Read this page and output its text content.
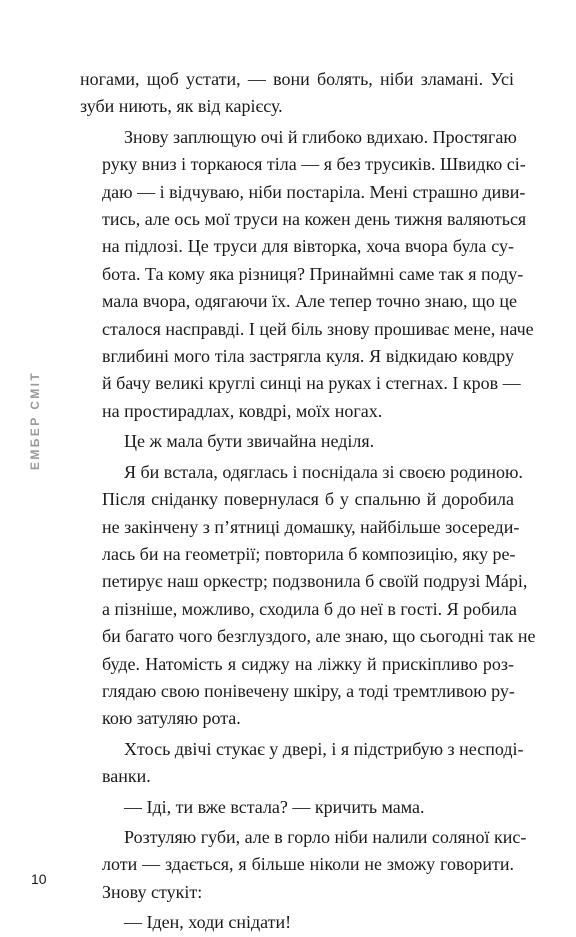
ЕМБЕР СМІТ

ногами, щоб устати, — вони болять, ніби зламані. Усі
зуби ниють, як від карієсу.

Знову заплющую очі й глибоко вдихаю. Простягаю
руку вниз і торкаюся тіла — я без трусиків. Швидко сі-
даю — і відчуваю, ніби постаріла. Мені страшно диви-
тись, але ось мої труси на кожен день тижня валяються
на підлозі. Це труси для вівторка, хоча вчора була су-
бота. Та кому яка різниця? Принаймні саме так я поду-
мала вчора, одягаючи їх. Але тепер точно знаю, що це
сталося насправді. І цей біль знову прошиває мене, наче
вглибині мого тіла застрягла куля. Я відкидаю ковдру
й бачу великі круглі синці на руках і стегнах. І кров —
на простирадлах, ковдрі, моїх ногах.

Це ж мала бути звичайна неділя.

Я би встала, одяглась і поснідала зі своєю родиною.
Після сніданку повернулася б у спальню й доробила
не закінчену з п’ятниці домашку, найбільше зосереди-
лась би на геометрії; повторила б композицію, яку ре-
петирує наш оркестр; подзвонила б своїй подрузі Мáрі,
а пізніше, можливо, сходила б до неї в гості. Я робила
би багато чого безглуздого, але знаю, що сьогодні так не
буде. Натомість я сиджу на ліжку й прискіпливо роз-
глядаю свою понівечену шкіру, а тоді тремтливою ру-
кою затуляю рота.

Хтось двічі стукає у двері, і я підстрибую з несподі-
ванки.

— Іді, ти вже встала? — кричить мама.

Розтуляю губи, але в горло ніби налили соляної кис-
лоти — здається, я більше ніколи не зможу говорити.
Знову стукіт:

— Іден, ходи снідати!

10
